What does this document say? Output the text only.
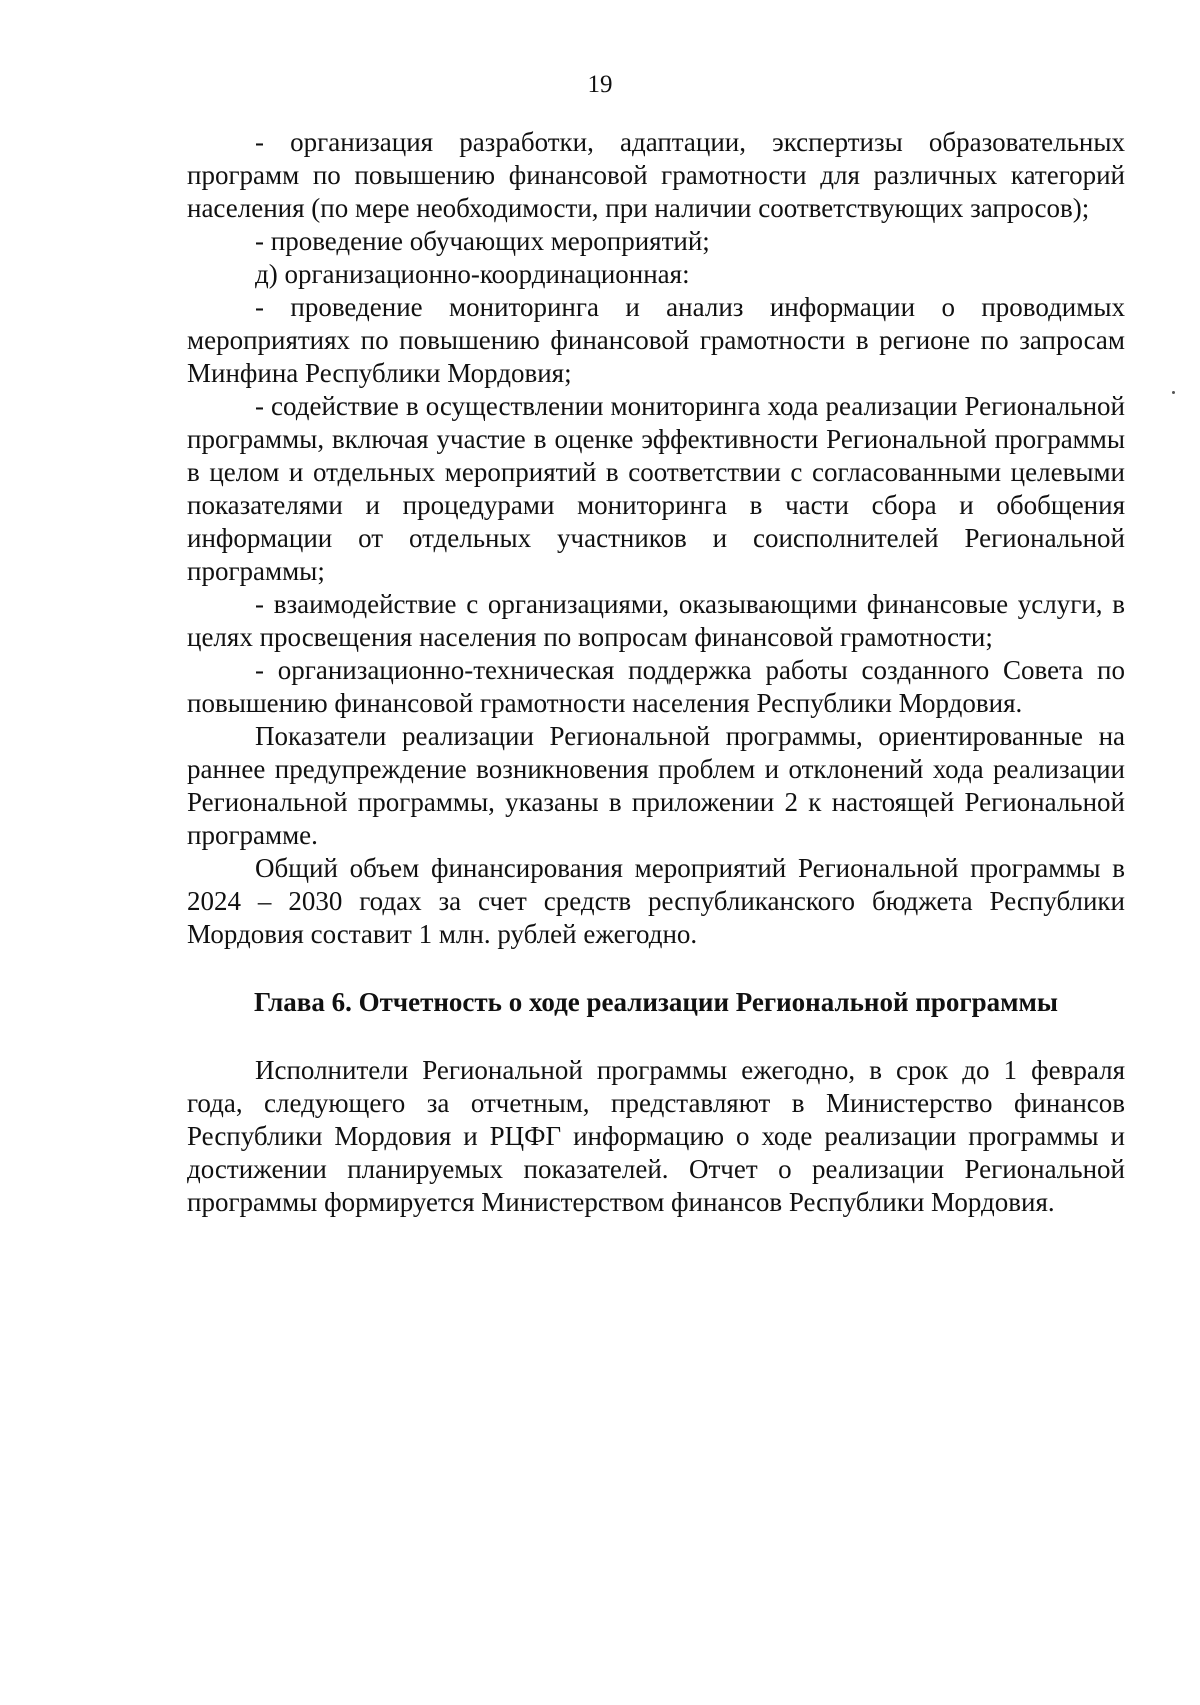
19

- организация разработки, адаптации, экспертизы образовательных программ по повышению финансовой грамотности для различных категорий населения (по мере необходимости, при наличии соответствующих запросов);

- проведение обучающих мероприятий;

д) организационно-координационная:

- проведение мониторинга и анализ информации о проводимых мероприятиях по повышению финансовой грамотности в регионе по запросам Минфина Республики Мордовия;

- содействие в осуществлении мониторинга хода реализации Региональной программы, включая участие в оценке эффективности Региональной программы в целом и отдельных мероприятий в соответствии с согласованными целевыми показателями и процедурами мониторинга в части сбора и обобщения информации от отдельных участников и соисполнителей Региональной программы;

- взаимодействие с организациями, оказывающими финансовые услуги, в целях просвещения населения по вопросам финансовой грамотности;

- организационно-техническая поддержка работы созданного Совета по повышению финансовой грамотности населения Республики Мордовия.

Показатели реализации Региональной программы, ориентированные на раннее предупреждение возникновения проблем и отклонений хода реализации Региональной программы, указаны в приложении 2 к настоящей Региональной программе.

Общий объем финансирования мероприятий Региональной программы в 2024 – 2030 годах за счет средств республиканского бюджета Республики Мордовия составит 1 млн. рублей ежегодно.

Глава 6. Отчетность о ходе реализации Региональной программы

Исполнители Региональной программы ежегодно, в срок до 1 февраля года, следующего за отчетным, представляют в Министерство финансов Республики Мордовия и РЦФГ информацию о ходе реализации программы и достижении планируемых показателей. Отчет о реализации Региональной программы формируется Министерством финансов Республики Мордовия.
